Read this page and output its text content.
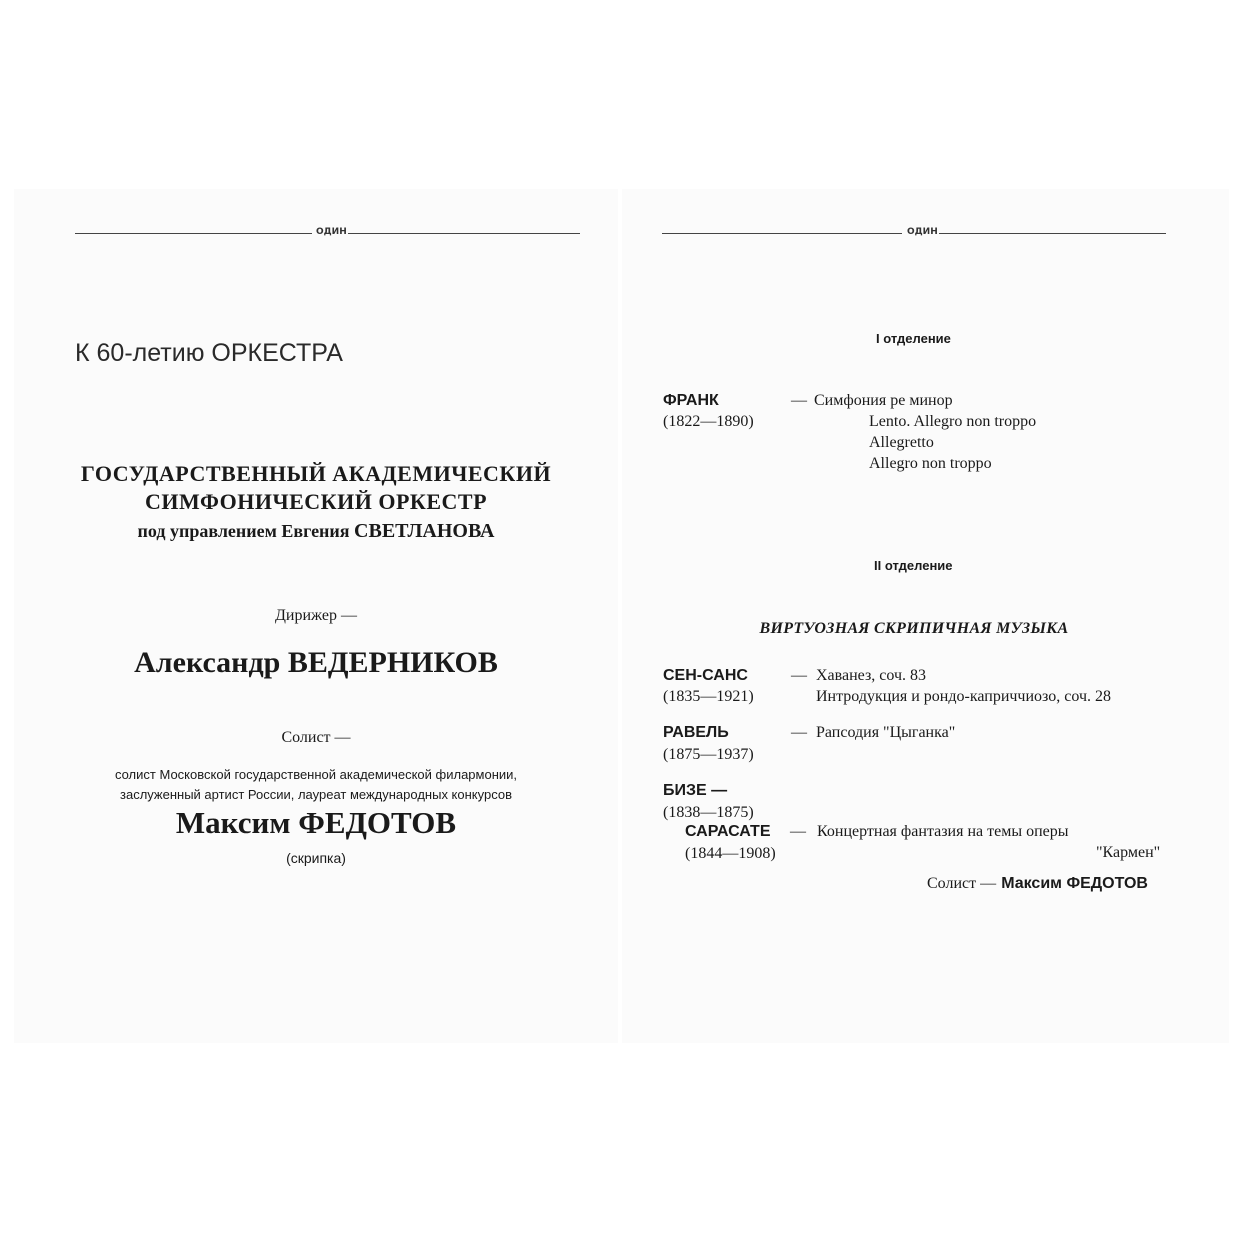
ОДИН
К 60-летию ОРКЕСТРА
ГОСУДАРСТВЕННЫЙ АКАДЕМИЧЕСКИЙ
СИМФОНИЧЕСКИЙ ОРКЕСТР
под управлением Евгения СВЕТЛАНОВА
Дирижер —
Александр ВЕДЕРНИКОВ
Солист —
солист Московской государственной академической филармонии,
заслуженный артист России, лауреат международных конкурсов
Максим ФЕДОТОВ
(скрипка)
ОДИН
I отделение
ФРАНК
(1822—1890)
— Симфония ре минор
Lento. Allegro non troppo
Allegretto
Allegro non troppo
II отделение
ВИРТУОЗНАЯ СКРИПИЧНАЯ МУЗЫКА
СЕН-САНС
(1835—1921)
— Хаванез, соч. 83
Интродукция и рондо-каприччиозо, соч. 28
РАВЕЛЬ
(1875—1937)
— Рапсодия "Цыганка"
БИЗЕ —
(1838—1875)
САРАСАТЕ
(1844—1908)
— Концертная фантазия на темы оперы
"Кармен"
Солист — Максим ФЕДОТОВ
